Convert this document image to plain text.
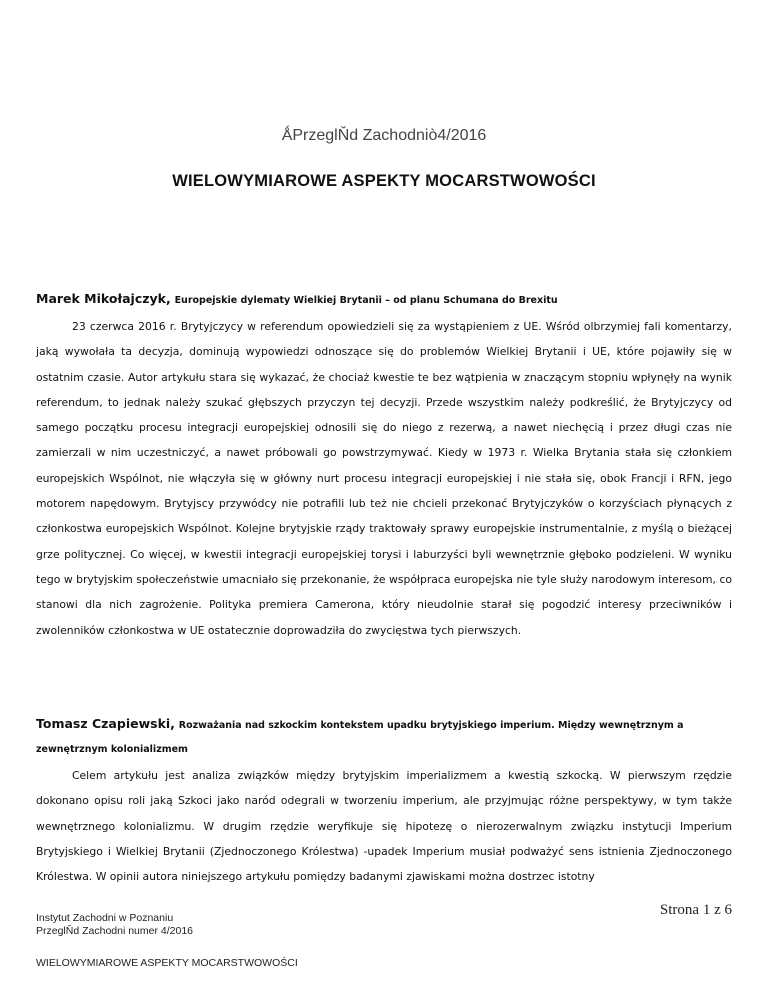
ǺPrzeglŇd Zachodniò4/2016
WIELOWYMIAROWE ASPEKTY MOCARSTWOWOŚCI
Marek Mikołajczyk, Europejskie dylematy Wielkiej Brytanii – od planu Schumana do Brexitu

23 czerwca 2016 r. Brytyjczycy w referendum opowiedzieli się za wystąpieniem z UE. Wśród olbrzymiej fali komentarzy, jaką wywołała ta decyzja, dominują wypowiedzi odnoszące się do problemów Wielkiej Brytanii i UE, które pojawiły się w ostatnim czasie. Autor artykułu stara się wykazać, że chociaż kwestie te bez wątpienia w znaczącym stopniu wpłynęły na wynik referendum, to jednak należy szukać głębszych przyczyn tej decyzji. Przede wszystkim należy podkreślić, że Brytyjczycy od samego początku procesu integracji europejskiej odnosili się do niego z rezerwą, a nawet niechęcią i przez długi czas nie zamierzali w nim uczestniczyć, a nawet próbowali go powstrzymywać. Kiedy w 1973 r. Wielka Brytania stała się członkiem europejskich Wspólnot, nie włączyła się w główny nurt procesu integracji europejskiej i nie stała się, obok Francji i RFN, jego motorem napędowym. Brytyjscy przywódcy nie potrafili lub też nie chcieli przekonać Brytyjczyków o korzyściach płynących z członkostwa europejskich Wspólnot. Kolejne brytyjskie rządy traktowały sprawy europejskie instrumentalnie, z myślą o bieżącej grze politycznej. Co więcej, w kwestii integracji europejskiej torysi i laburzyści byli wewnętrznie głęboko podzieleni. W wyniku tego w brytyjskim społeczeństwie umacniało się przekonanie, że współpraca europejska nie tyle służy narodowym interesom, co stanowi dla nich zagrożenie. Polityka premiera Camerona, który nieudolnie starał się pogodzić interesy przeciwników i zwolenników członkostwa w UE ostatecznie doprowadziła do zwycięstwa tych pierwszych.

Tomasz Czapiewski, Rozważania nad szkockim kontekstem upadku brytyjskiego imperium. Między wewnętrznym a zewnętrznym kolonializmem

Celem artykułu jest analiza związków między brytyjskim imperializmem a kwestią szkocką. W pierwszym rzędzie dokonano opisu roli jaką Szkoci jako naród odegrali w tworzeniu imperium, ale przyjmując różne perspektywy, w tym także wewnętrznego kolonializmu. W drugim rzędzie weryfikuje się hipotezę o nierozerwalnym związku instytucji Imperium Brytyjskiego i Wielkiej Brytanii (Zjednoczonego Królestwa) -upadek Imperium musiał podważyć sens istnienia Zjednoczonego Królestwa. W opinii autora niniejszego artykułu pomiędzy badanymi zjawiskami można dostrzec istotny

Instytut Zachodni w Poznaniu
PrzeglŇd Zachodni numer 4/2016
Strona 1 z 6
WIELOWYMIAROWE ASPEKTY MOCARSTWOWOŚCI
